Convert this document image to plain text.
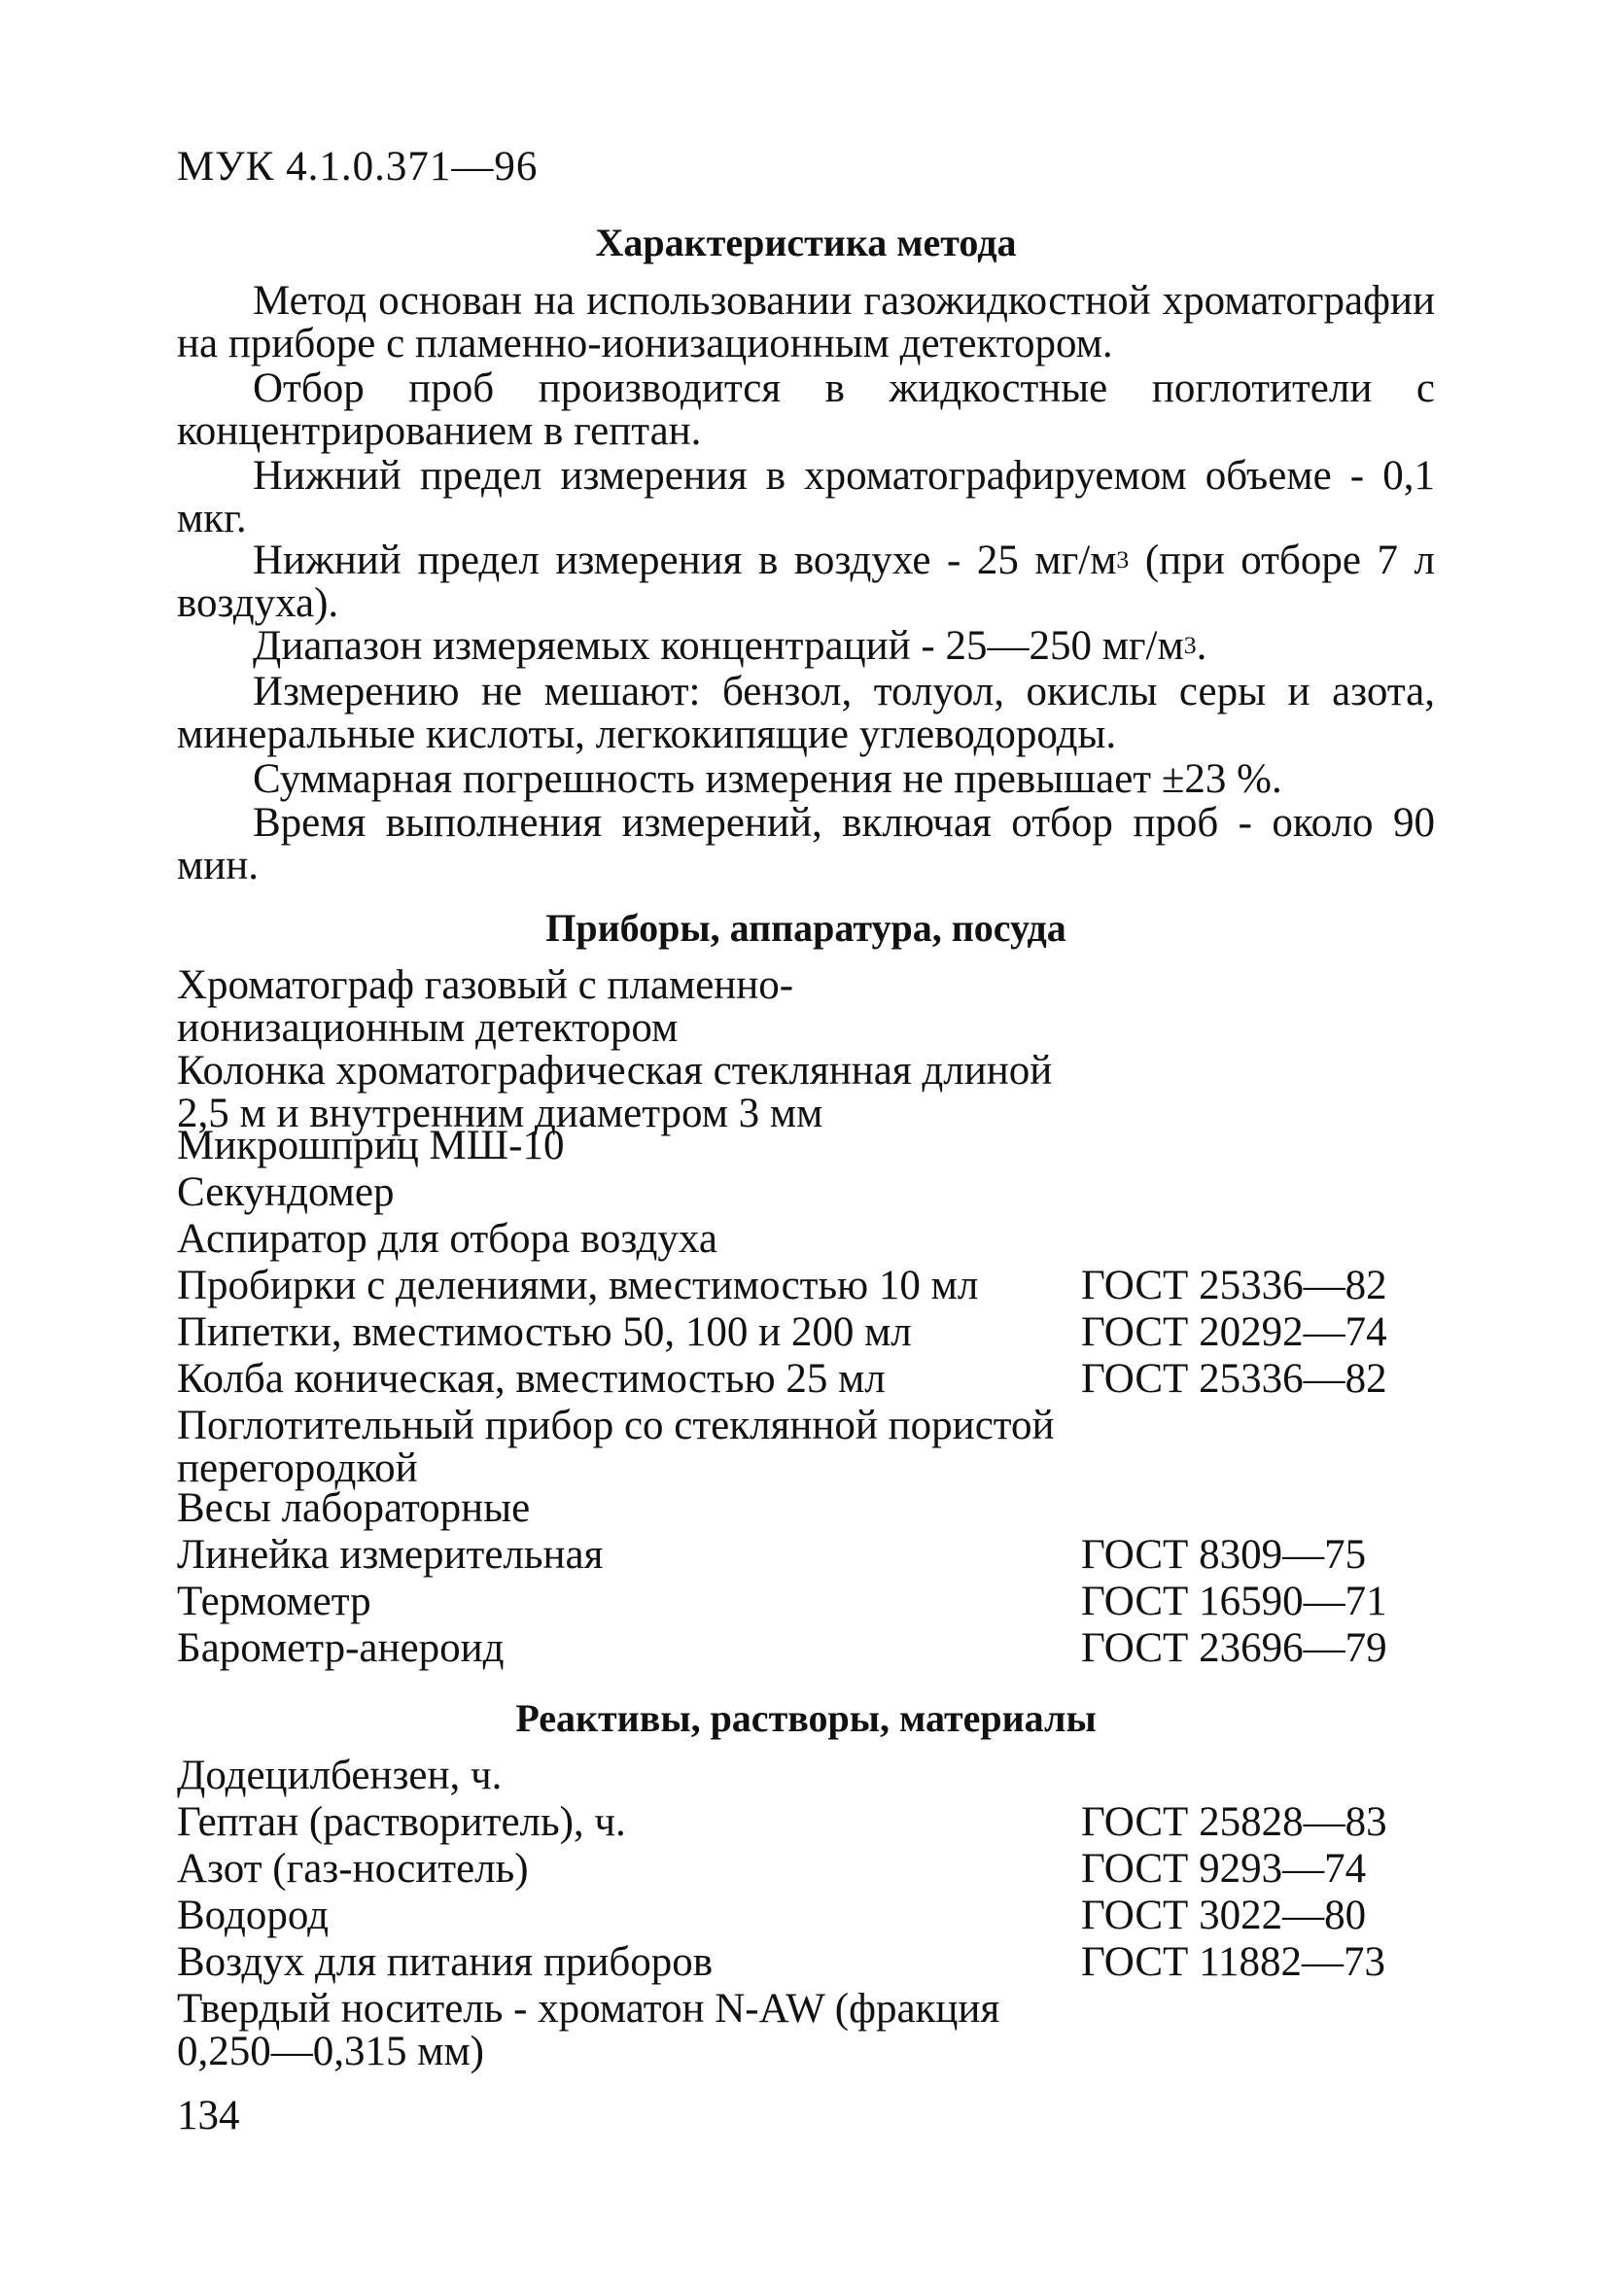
МУК 4.1.0.371—96
Характеристика метода

Метод основан на использовании газожидкостной хроматографии на приборе с пламенно-ионизационным детектором.

Отбор проб производится в жидкостные поглотители с концентрированием в гептан.

Нижний предел измерения в хроматографируемом объеме - 0,1 мкг.

Нижний предел измерения в воздухе - 25 $мг/м^3$ (при отборе 7 л воздуха).

Диапазон измеряемых концентраций - 25—250 $мг/м^3$.

Измерению не мешают: бензол, толуол, окислы серы и азота, минеральные кислоты, легкокипящие углеводороды.

Суммарная погрешность измерения не превышает ±23 %.

Время выполнения измерений, включая отбор проб - около 90 мин.

Приборы, аппаратура, посуда
Хроматограф газовый с пламенно-ионизационным детектором
Колонка хроматографическая стеклянная длиной 2,5 м и внутренним диаметром 3 мм
Микрошприц МШ-10
Секундомер
Аспиратор для отбора воздуха
Пробирки с делениями, вместимостью 10 мл	ГОСТ 25336—82
Пипетки, вместимостью 50, 100 и 200 мл	ГОСТ 20292—74
Колба коническая, вместимостью 25 мл	ГОСТ 25336—82
Поглотительный прибор со стеклянной пористой перегородкой
Весы лабораторные
Линейка измерительная	ГОСТ 8309—75
Термометр	ГОСТ 16590—71
Барометр-анероид	ГОСТ 23696—79
Реактивы, растворы, материалы
Додецилбензен, ч.
Гептан (растворитель), ч.	ГОСТ 25828—83
Азот (газ-носитель)	ГОСТ 9293—74
Водород	ГОСТ 3022—80
Воздух для питания приборов	ГОСТ 11882—73
Твердый носитель - хроматон N-AW (фракция 0,250—0,315 мм)
134
